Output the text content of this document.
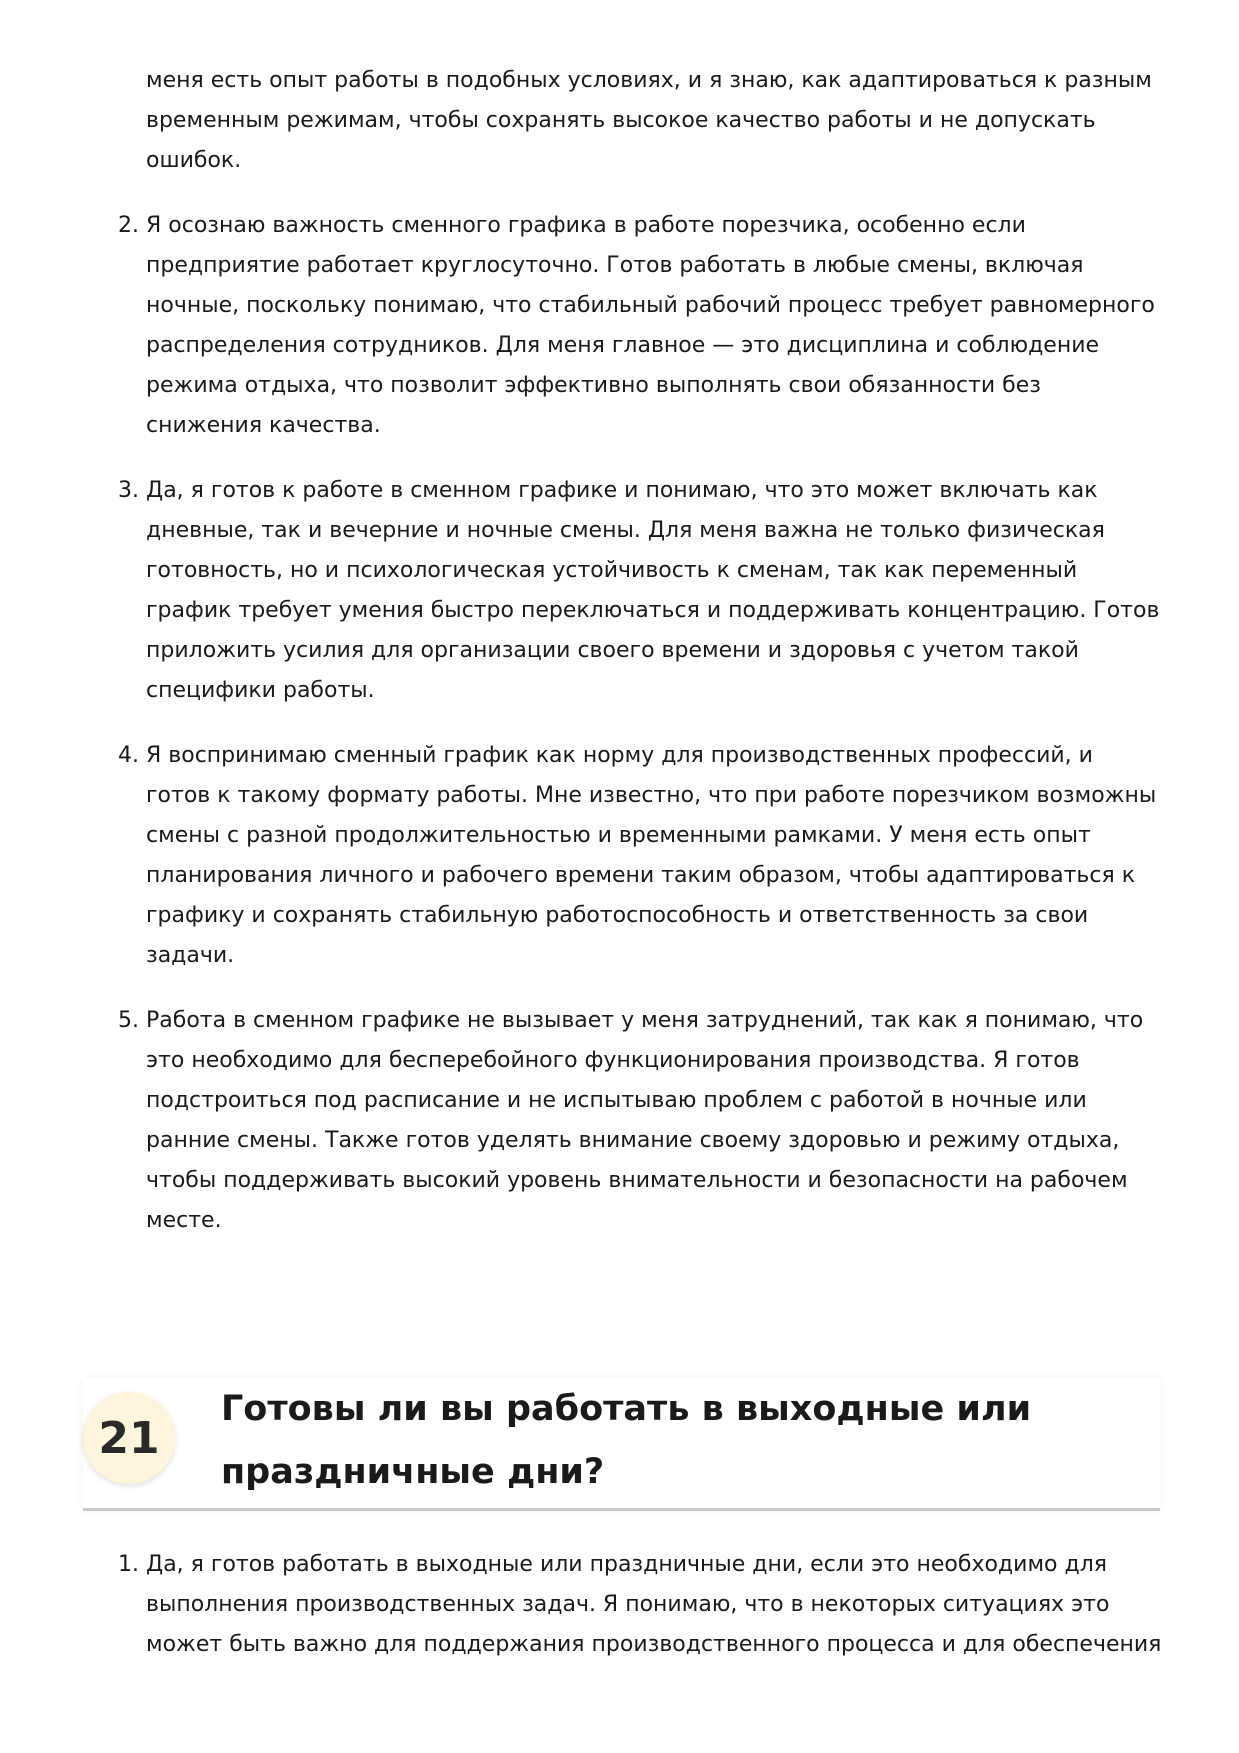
меня есть опыт работы в подобных условиях, и я знаю, как адаптироваться к разным временным режимам, чтобы сохранять высокое качество работы и не допускать ошибок.
2. Я осознаю важность сменного графика в работе порезчика, особенно если предприятие работает круглосуточно. Готов работать в любые смены, включая ночные, поскольку понимаю, что стабильный рабочий процесс требует равномерного распределения сотрудников. Для меня главное — это дисциплина и соблюдение режима отдыха, что позволит эффективно выполнять свои обязанности без снижения качества.
3. Да, я готов к работе в сменном графике и понимаю, что это может включать как дневные, так и вечерние и ночные смены. Для меня важна не только физическая готовность, но и психологическая устойчивость к сменам, так как переменный график требует умения быстро переключаться и поддерживать концентрацию. Готов приложить усилия для организации своего времени и здоровья с учетом такой специфики работы.
4. Я воспринимаю сменный график как норму для производственных профессий, и готов к такому формату работы. Мне известно, что при работе порезчиком возможны смены с разной продолжительностью и временными рамками. У меня есть опыт планирования личного и рабочего времени таким образом, чтобы адаптироваться к графику и сохранять стабильную работоспособность и ответственность за свои задачи.
5. Работа в сменном графике не вызывает у меня затруднений, так как я понимаю, что это необходимо для бесперебойного функционирования производства. Я готов подстроиться под расписание и не испытываю проблем с работой в ночные или ранние смены. Также готов уделять внимание своему здоровью и режиму отдыха, чтобы поддерживать высокий уровень внимательности и безопасности на рабочем месте.
21
Готовы ли вы работать в выходные или праздничные дни?
1. Да, я готов работать в выходные или праздничные дни, если это необходимо для выполнения производственных задач. Я понимаю, что в некоторых ситуациях это может быть важно для поддержания производственного процесса и для обеспечения
